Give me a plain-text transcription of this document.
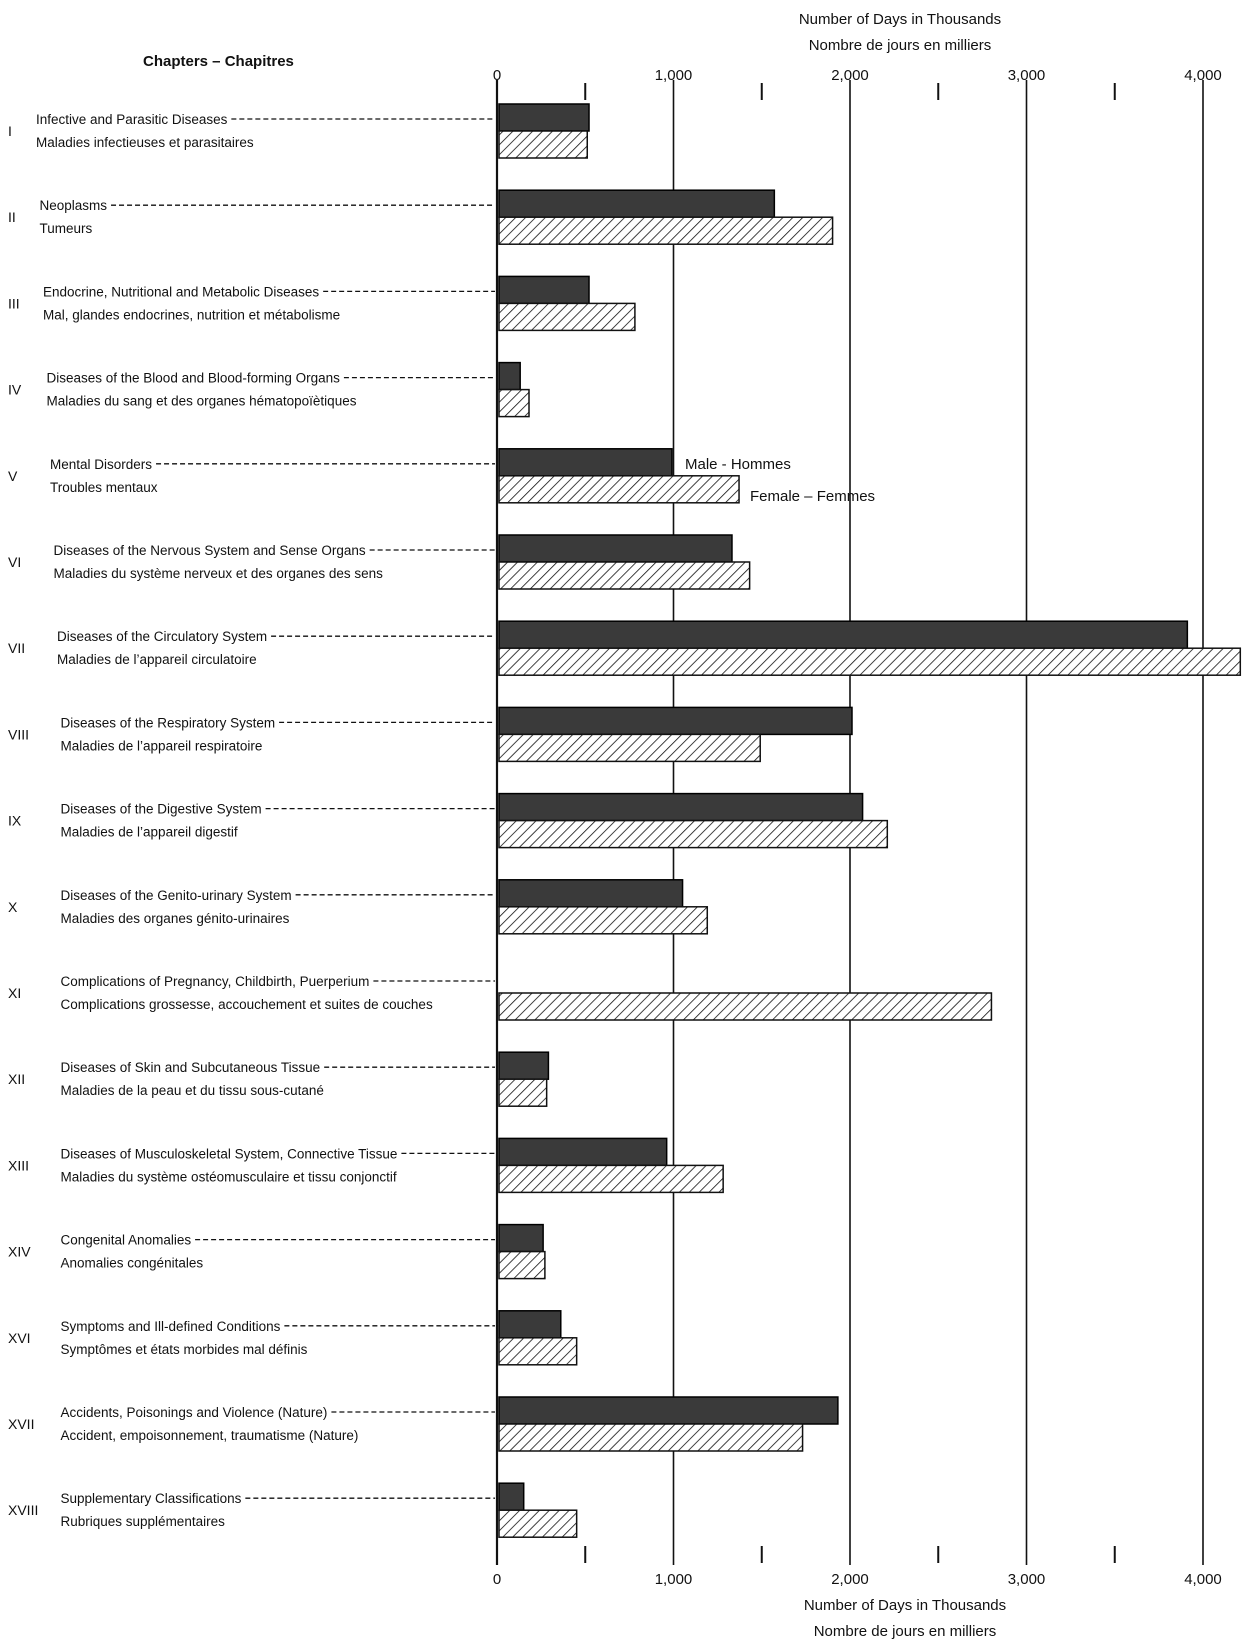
I
Infective and Parasitic Diseases
Maladies infectieuses et parasitaires
II
Neoplasms
Tumeurs
III
Endocrine, Nutritional and Metabolic Diseases
Mal, glandes endocrines, nutrition et métabolisme
IV
Diseases of the Blood and Blood-forming Organs
Maladies du sang et des organes hématopoïètiques
V
Mental Disorders
Troubles mentaux
VI
Diseases of the Nervous System and Sense Organs
Maladies du système nerveux et des organes des sens
VII
Diseases of the Circulatory System
Maladies de l’appareil circulatoire
VIII
Diseases of the Respiratory System
Maladies de l’appareil respiratoire
IX
Diseases of the Digestive System
Maladies de l’appareil digestif
X
Diseases of the Genito-urinary System
Maladies des organes génito-urinaires
XI
Complications of Pregnancy, Childbirth, Puerperium
Complications grossesse, accouchement et suites de couches
XII
Diseases of Skin and Subcutaneous Tissue
Maladies de la peau et du tissu sous-cutané
XIII
Diseases of Musculoskeletal System, Connective Tissue
Maladies du système ostéomusculaire et tissu conjonctif
XIV
Congenital Anomalies
Anomalies congénitales
XVI
Symptoms and Ill-defined Conditions
Symptômes et états morbides mal définis
XVII
Accidents, Poisonings and Violence (Nature)
Accident, empoisonnement, traumatisme (Nature)
XVIII
Supplementary Classifications
Rubriques supplémentaires
0
0
1,000
1,000
2,000
2,000
3,000
3,000
4,000
4,000
Chapters – Chapitres
Number of Days in Thousands
Nombre de jours en milliers
Number of Days in Thousands
Nombre de jours en milliers
Male - Hommes
Female – Femmes
